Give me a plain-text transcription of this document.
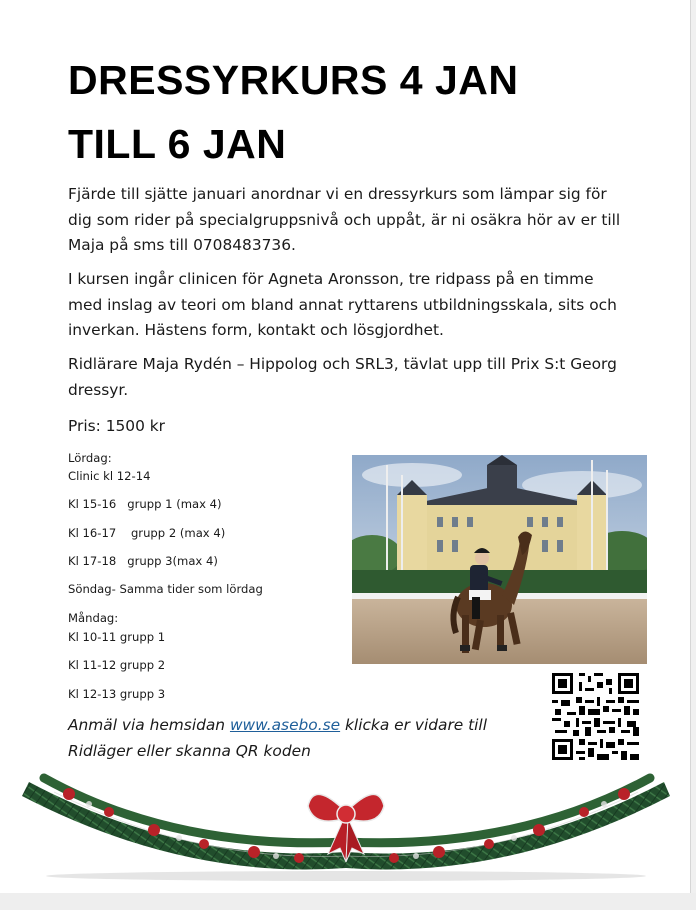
DRESSYRKURS 4 JAN
TILL 6 JAN

Fjärde till sjätte januari anordnar vi en dressyrkurs som lämpar sig för
dig som rider på specialgruppsnivå och uppåt, är ni osäkra hör av er till
Maja på sms till 0708483736.

I kursen ingår clinicen för Agneta Aronsson, tre ridpass på en timme
med inslag av teori om bland annat ryttarens utbildningsskala, sits och
inverkan. Hästens form, kontakt och lösgjordhet.

Ridlärare Maja Rydén – Hippolog och SRL3, tävlat upp till Prix S:t Georg
dressyr.

Pris: 1500 kr

Lördag:

Clinic kl 12-14

Kl 15-16   grupp 1 (max 4)

Kl 16-17    grupp 2 (max 4)

Kl 17-18   grupp 3(max 4)

Söndag- Samma tider som lördag

Måndag:

Kl 10-11 grupp 1

Kl 11-12 grupp 2

Kl 12-13 grupp 3

Anmäl via hemsidan www.asebo.se klicka er vidare till
Ridläger eller skanna QR koden
